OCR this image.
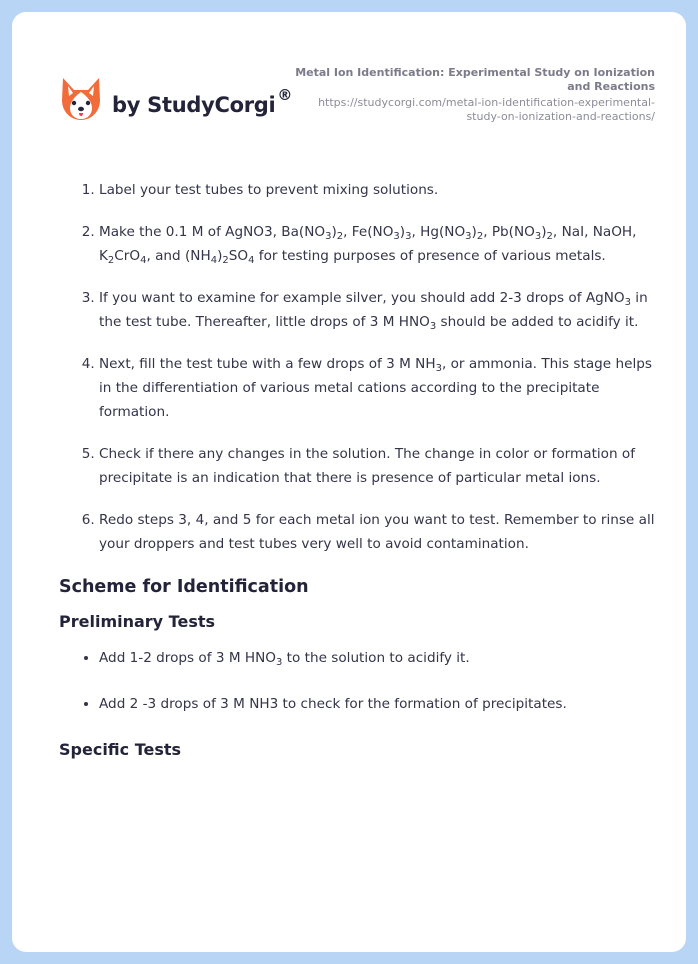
by StudyCorgi ®
Metal Ion Identification: Experimental Study on Ionization and Reactions
https://studycorgi.com/metal-ion-identification-experimental-study-on-ionization-and-reactions/
1. Label your test tubes to prevent mixing solutions.
2. Make the 0.1 M of AgNO3, $Ba(NO_3)_2$, $Fe(NO_3)_3$, $Hg(NO_3)_2$, $Pb(NO_3)_2$, NaI, NaOH, $K_2CrO_4$, and $(NH_4)_2SO_4$ for testing purposes of presence of various metals.
3. If you want to examine for example silver, you should add 2-3 drops of AgNO$_3$ in the test tube. Thereafter, little drops of 3 M $HNO_3$ should be added to acidify it.
4. Next, fill the test tube with a few drops of 3 M $NH_3$, or ammonia. This stage helps in the differentiation of various metal cations according to the precipitate formation.
5. Check if there any changes in the solution. The change in color or formation of precipitate is an indication that there is presence of particular metal ions.
6. Redo steps 3, 4, and 5 for each metal ion you want to test. Remember to rinse all your droppers and test tubes very well to avoid contamination.
Scheme for Identification
Preliminary Tests
• Add 1-2 drops of 3 M $HNO_3$ to the solution to acidify it.
• Add 2 -3 drops of 3 M NH3 to check for the formation of precipitates.
Specific Tests
